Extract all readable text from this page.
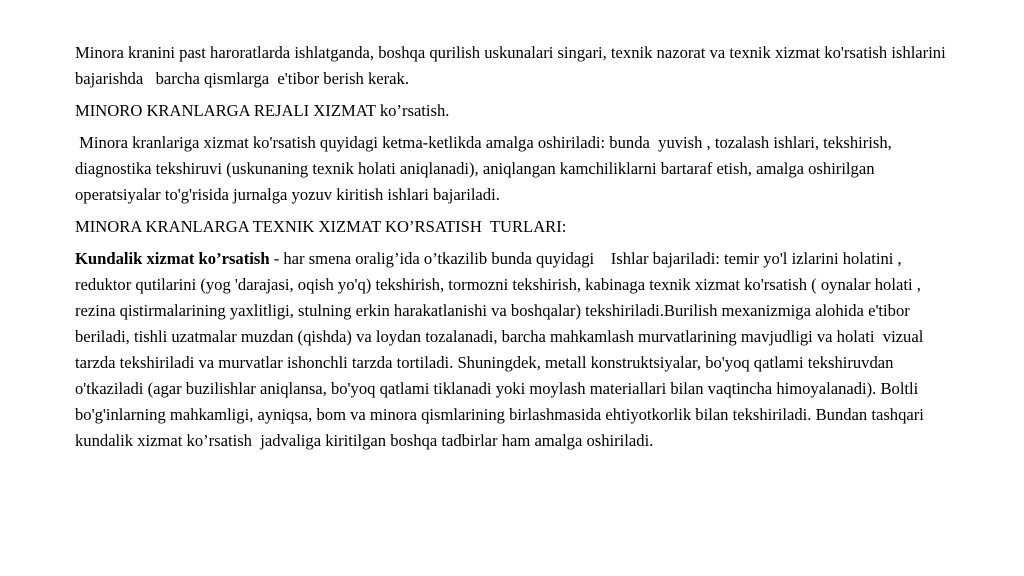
Minora kranini past haroratlarda ishlatganda, boshqa qurilish uskunalari singari, texnik nazorat va texnik xizmat ko'rsatish ishlarini bajarishda   barcha qismlarga  e'tibor berish kerak.

MINORO KRANLARGA REJALI XIZMAT ko’rsatish.

Minora kranlariga xizmat ko'rsatish quyidagi ketma-ketlikda amalga oshiriladi: bunda  yuvish , tozalash ishlari, tekshirish, diagnostika tekshiruvi (uskunaning texnik holati aniqlanadi), aniqlangan kamchiliklarni bartaraf etish, amalga oshirilgan operatsiyalar to'g'risida jurnalga yozuv kiritish ishlari bajariladi.

MINORA KRANLARGA TEXNIK XIZMAT KO’RSATISH  TURLARI:

Kundalik xizmat ko’rsatish - har smena oralig’ida o’tkazilib bunda quyidagi    Ishlar bajariladi: temir yo'l izlarini holatini , reduktor qutilarini (yog 'darajasi, oqish yo'q) tekshirish, tormozni tekshirish, kabinaga texnik xizmat ko'rsatish ( oynalar holati ,  rezina qistirmalarining yaxlitligi, stulning erkin harakatlanishi va boshqalar) tekshiriladi.Burilish mexanizmiga alohida e'tibor beriladi, tishli uzatmalar muzdan (qishda) va loydan tozalanadi, barcha mahkamlash murvatlarining mavjudligi va holati  vizual tarzda tekshiriladi va murvatlar ishonchli tarzda tortiladi. Shuningdek, metall konstruktsiyalar, bo'yoq qatlami tekshiruvdan o'tkaziladi (agar buzilishlar aniqlansa, bo'yoq qatlami tiklanadi yoki moylash materiallari bilan vaqtincha himoyalanadi). Boltli bo'g'inlarning mahkamligi, ayniqsa, bom va minora qismlarining birlashmasida ehtiyotkorlik bilan tekshiriladi. Bundan tashqari kundalik xizmat ko’rsatish  jadvaliga kiritilgan boshqa tadbirlar ham amalga oshiriladi.
